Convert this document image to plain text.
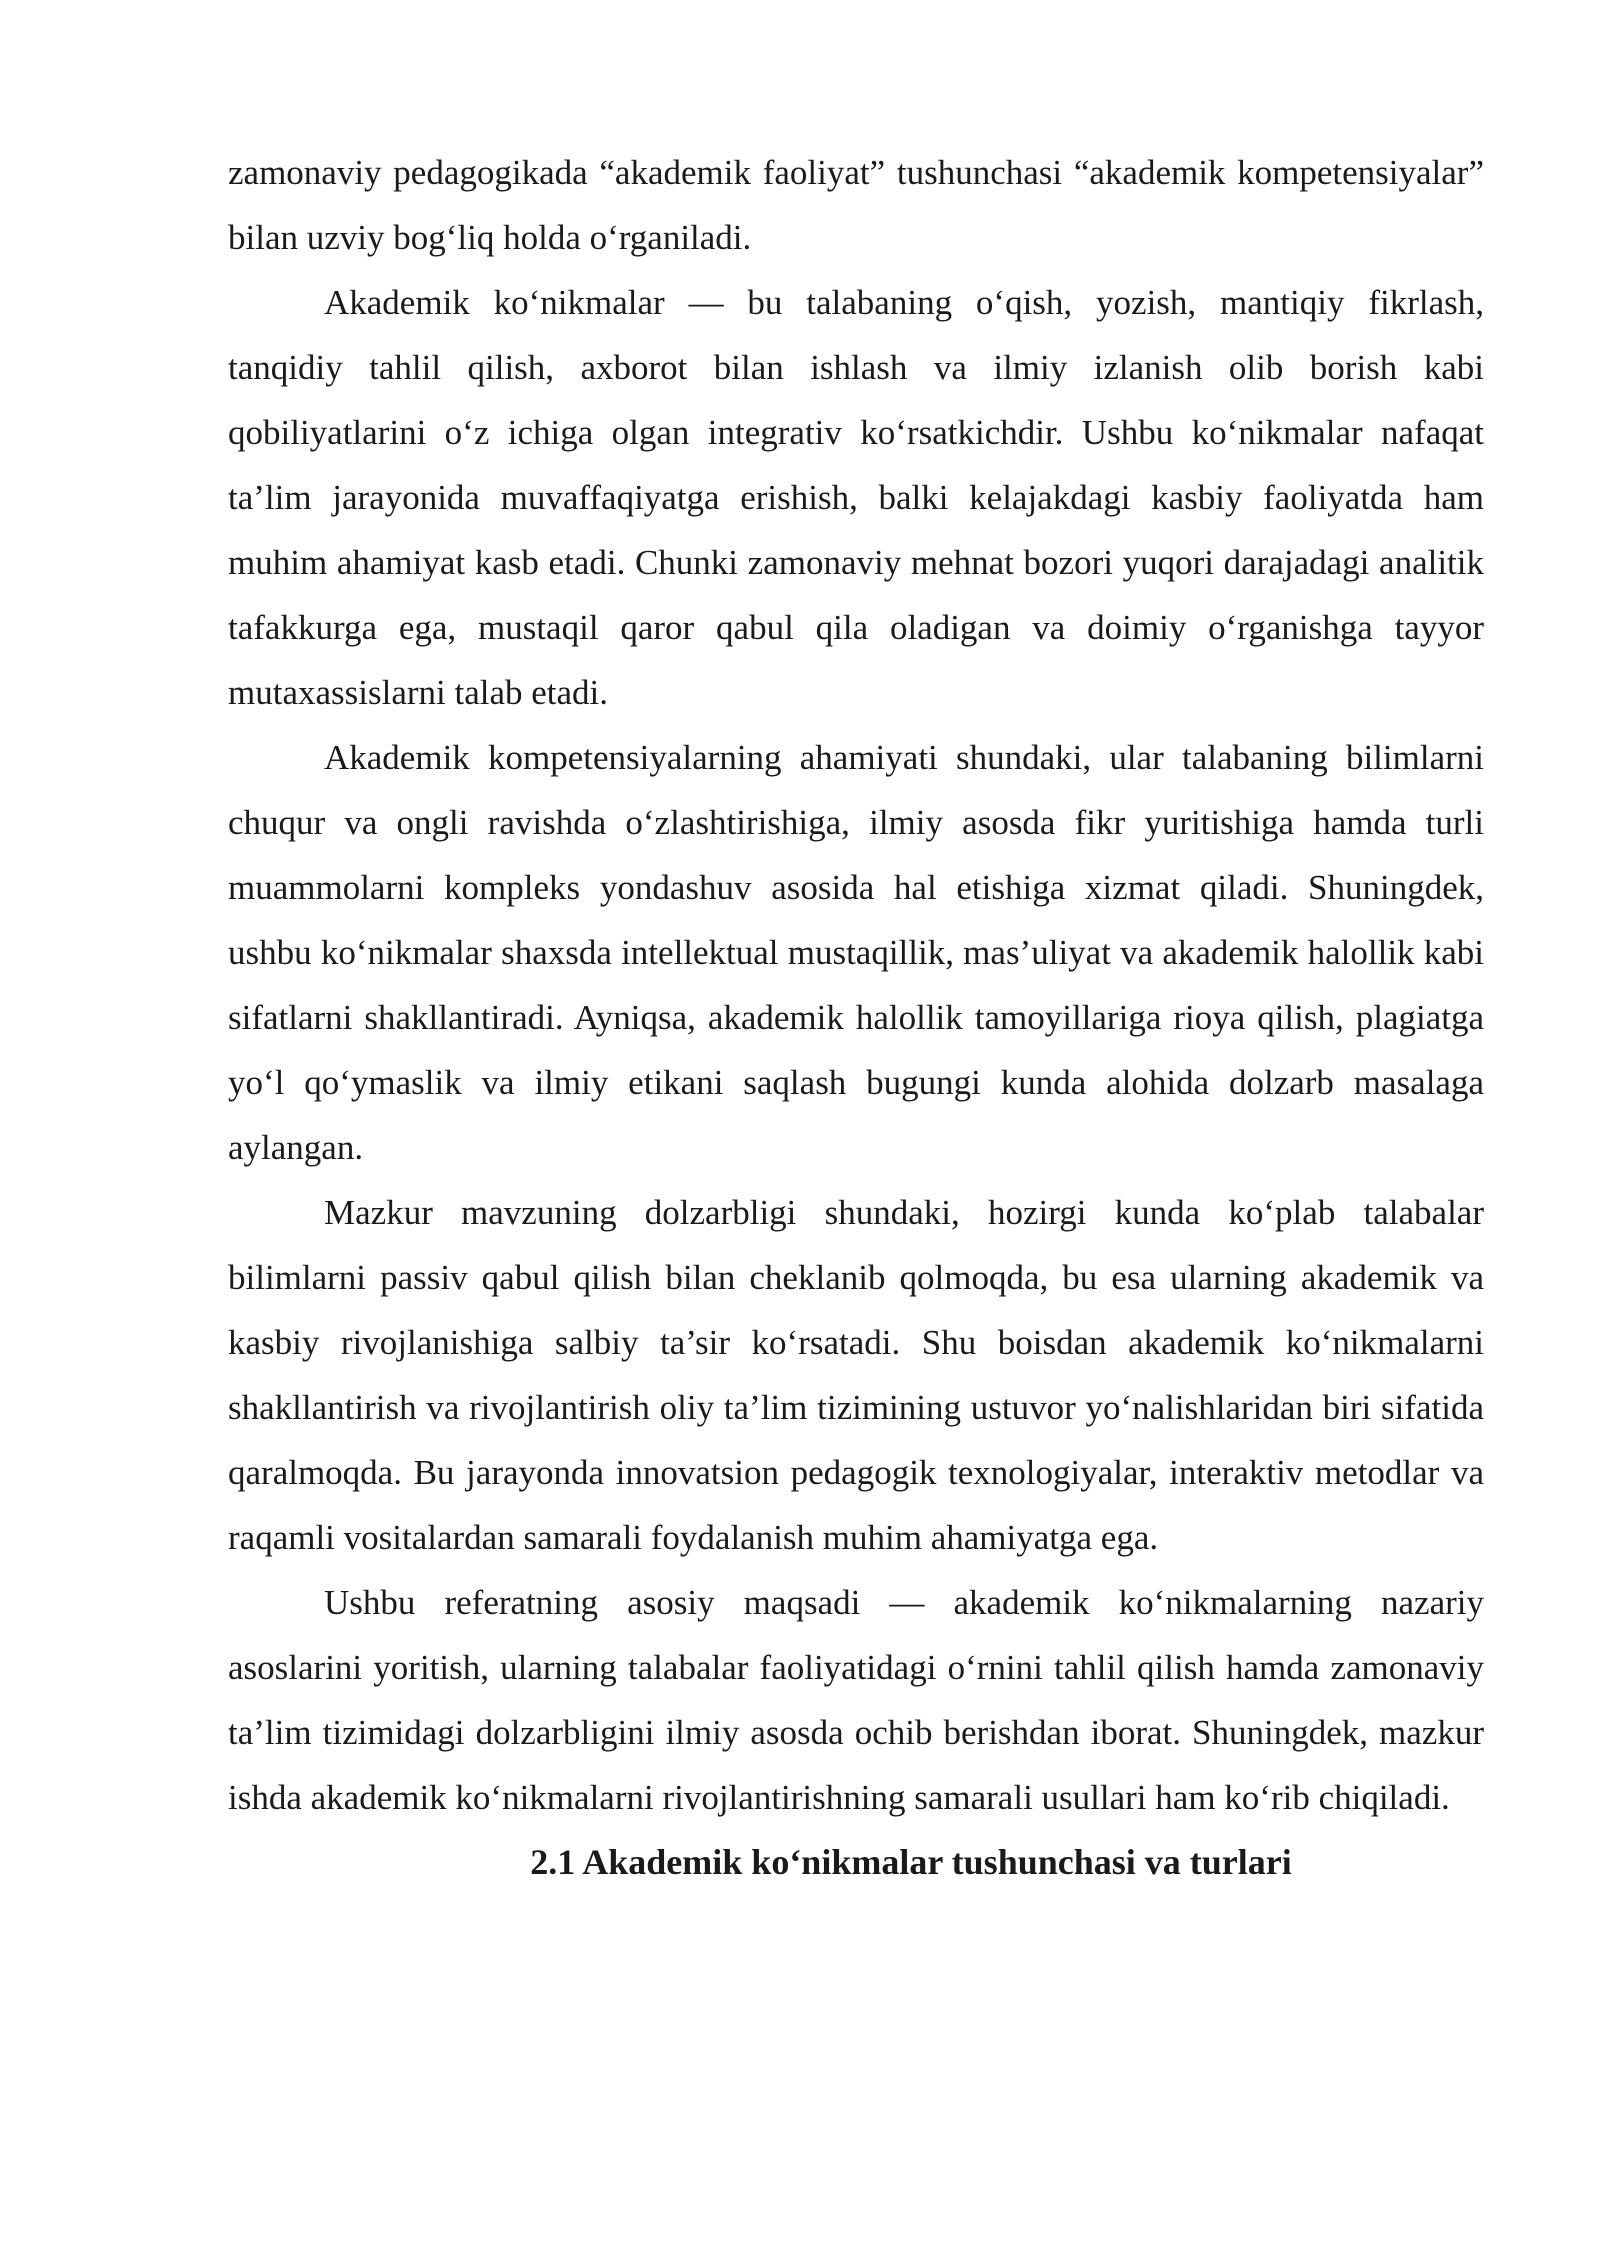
zamonaviy pedagogikada “akademik faoliyat” tushunchasi “akademik kompetensiyalar” bilan uzviy bog‘liq holda o‘rganiladi.

Akademik ko‘nikmalar — bu talabaning o‘qish, yozish, mantiqiy fikrlash, tanqidiy tahlil qilish, axborot bilan ishlash va ilmiy izlanish olib borish kabi qobiliyatlarini o‘z ichiga olgan integrativ ko‘rsatkichdir. Ushbu ko‘nikmalar nafaqat ta’lim jarayonida muvaffaqiyatga erishish, balki kelajakdagi kasbiy faoliyatda ham muhim ahamiyat kasb etadi. Chunki zamonaviy mehnat bozori yuqori darajadagi analitik tafakkurga ega, mustaqil qaror qabul qila oladigan va doimiy o‘rganishga tayyor mutaxassislarni talab etadi.

Akademik kompetensiyalarning ahamiyati shundaki, ular talabaning bilimlarni chuqur va ongli ravishda o‘zlashtirishiga, ilmiy asosda fikr yuritishiga hamda turli muammolarni kompleks yondashuv asosida hal etishiga xizmat qiladi. Shuningdek, ushbu ko‘nikmalar shaxsda intellektual mustaqillik, mas’uliyat va akademik halollik kabi sifatlarni shakllantiradi. Ayniqsa, akademik halollik tamoyillariga rioya qilish, plagiatga yo‘l qo‘ymaslik va ilmiy etikani saqlash bugungi kunda alohida dolzarb masalaga aylangan.

Mazkur mavzuning dolzarbligi shundaki, hozirgi kunda ko‘plab talabalar bilimlarni passiv qabul qilish bilan cheklanib qolmoqda, bu esa ularning akademik va kasbiy rivojlanishiga salbiy ta’sir ko‘rsatadi. Shu boisdan akademik ko‘nikmalarni shakllantirish va rivojlantirish oliy ta’lim tizimining ustuvor yo‘nalishlaridan biri sifatida qaralmoqda. Bu jarayonda innovatsion pedagogik texnologiyalar, interaktiv metodlar va raqamli vositalardan samarali foydalanish muhim ahamiyatga ega.

Ushbu referatning asosiy maqsadi — akademik ko‘nikmalarning nazariy asoslarini yoritish, ularning talabalar faoliyatidagi o‘rnini tahlil qilish hamda zamonaviy ta’lim tizimidagi dolzarbligini ilmiy asosda ochib berishdan iborat. Shuningdek, mazkur ishda akademik ko‘nikmalarni rivojlantirishning samarali usullari ham ko‘rib chiqiladi.

2.1 Akademik ko‘nikmalar tushunchasi va turlari
